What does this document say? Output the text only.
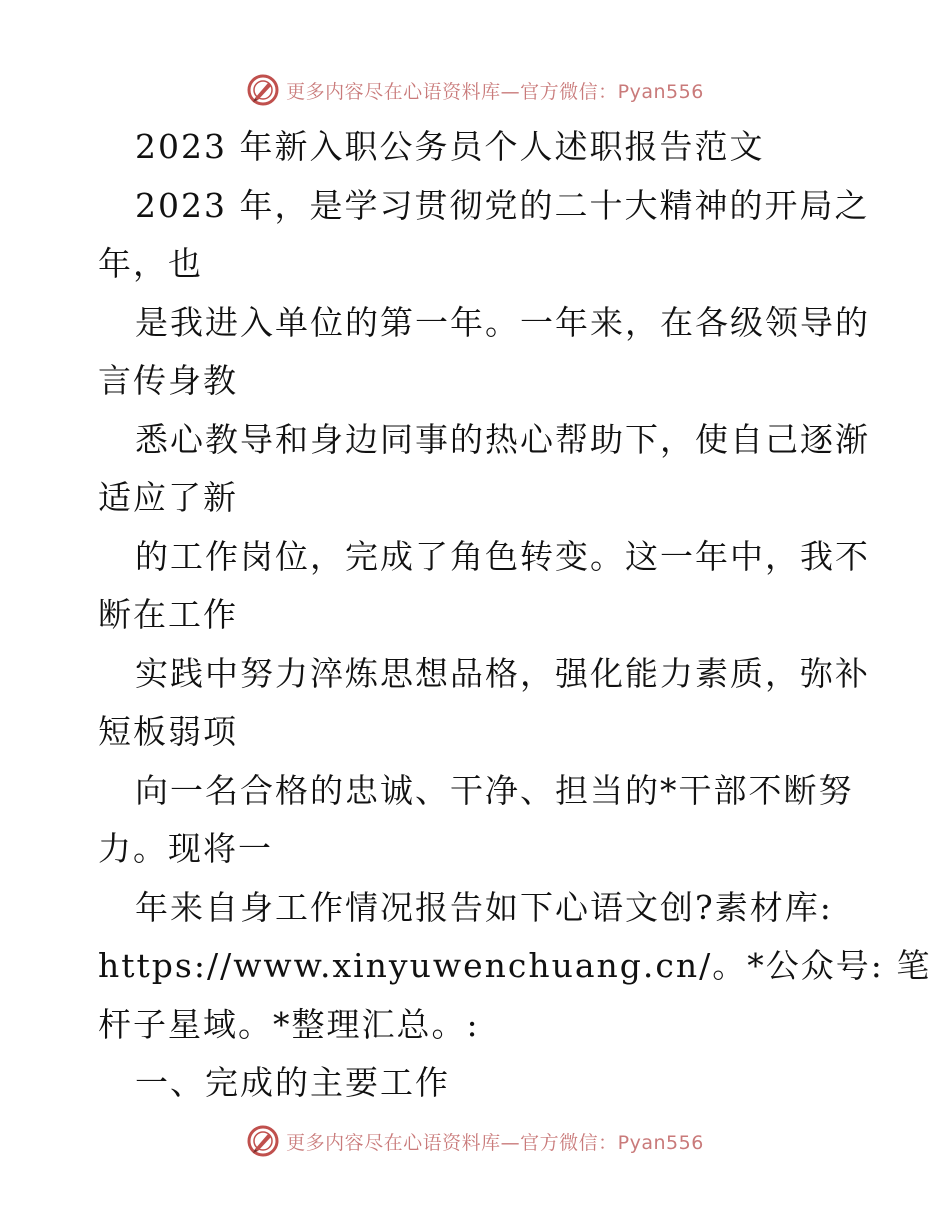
更多内容尽在心语资料库—官方微信：Pyan556
2023 年新入职公务员个人述职报告范文
2023 年，是学习贯彻党的二十大精神的开局之
年，也
是我进入单位的第一年。一年来，在各级领导的
言传身教
悉心教导和身边同事的热心帮助下，使自己逐渐
适应了新
的工作岗位，完成了角色转变。这一年中，我不
断在工作
实践中努力淬炼思想品格，强化能力素质，弥补
短板弱项
向一名合格的忠诚、干净、担当的*干部不断努
力。现将一
年来自身工作情况报告如下心语文创?素材库:
https://www.xinyuwenchuang.cn/。*公众号: 笔
杆子星域。*整理汇总。:
一、完成的主要工作
更多内容尽在心语资料库—官方微信：Pyan556
